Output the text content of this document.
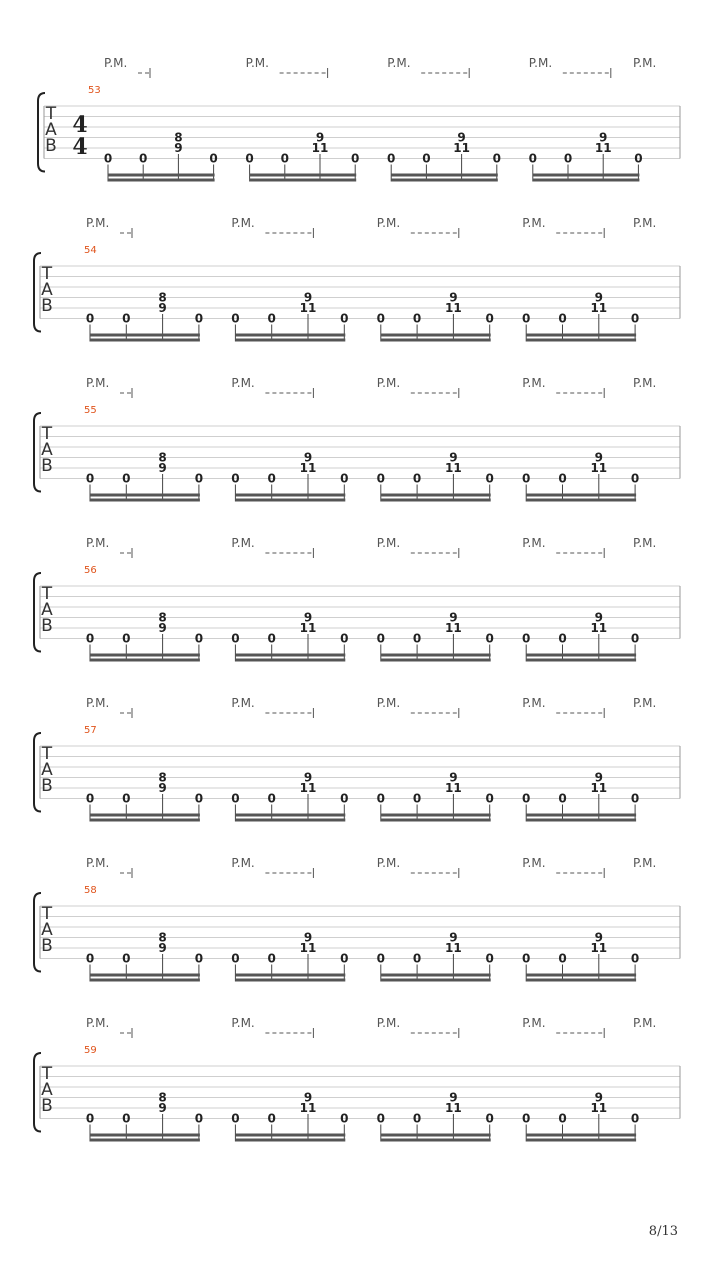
P.M.	P.M.	P.M.	P.M.	P.M.
53
T
A
B
4
4 0 0
8
9
0 0 0
9
11
0 0 0
9
11
0 0 0
9
11
0
P.M.	P.M.	P.M.	P.M.	P.M.
54
T
A
B
0 0
8
9
0 0 0
9
11
0 0 0
9
11
0 0 0
9
11
0
P.M.	P.M.	P.M.	P.M.	P.M.
55
T
A
B
0 0
8
9
0 0 0
9
11
0 0 0
9
11
0 0 0
9
11
0
P.M.	P.M.	P.M.	P.M.	P.M.
56
T
A
B
0 0
8
9
0 0 0
9
11
0 0 0
9
11
0 0 0
9
11
0
P.M.	P.M.	P.M.	P.M.	P.M.
57
T
A
B
0 0
8
9
0 0 0
9
11
0 0 0
9
11
0 0 0
9
11
0
P.M.	P.M.	P.M.	P.M.	P.M.
58
T
A
B
0 0
8
9
0 0 0
9
11
0 0 0
9
11
0 0 0
9
11
0
P.M.	P.M.	P.M.	P.M.	P.M.
59
T
A
B
0 0
8
9
0 0 0
9
11
0 0 0
9
11
0 0 0
9
11
0
8/13
